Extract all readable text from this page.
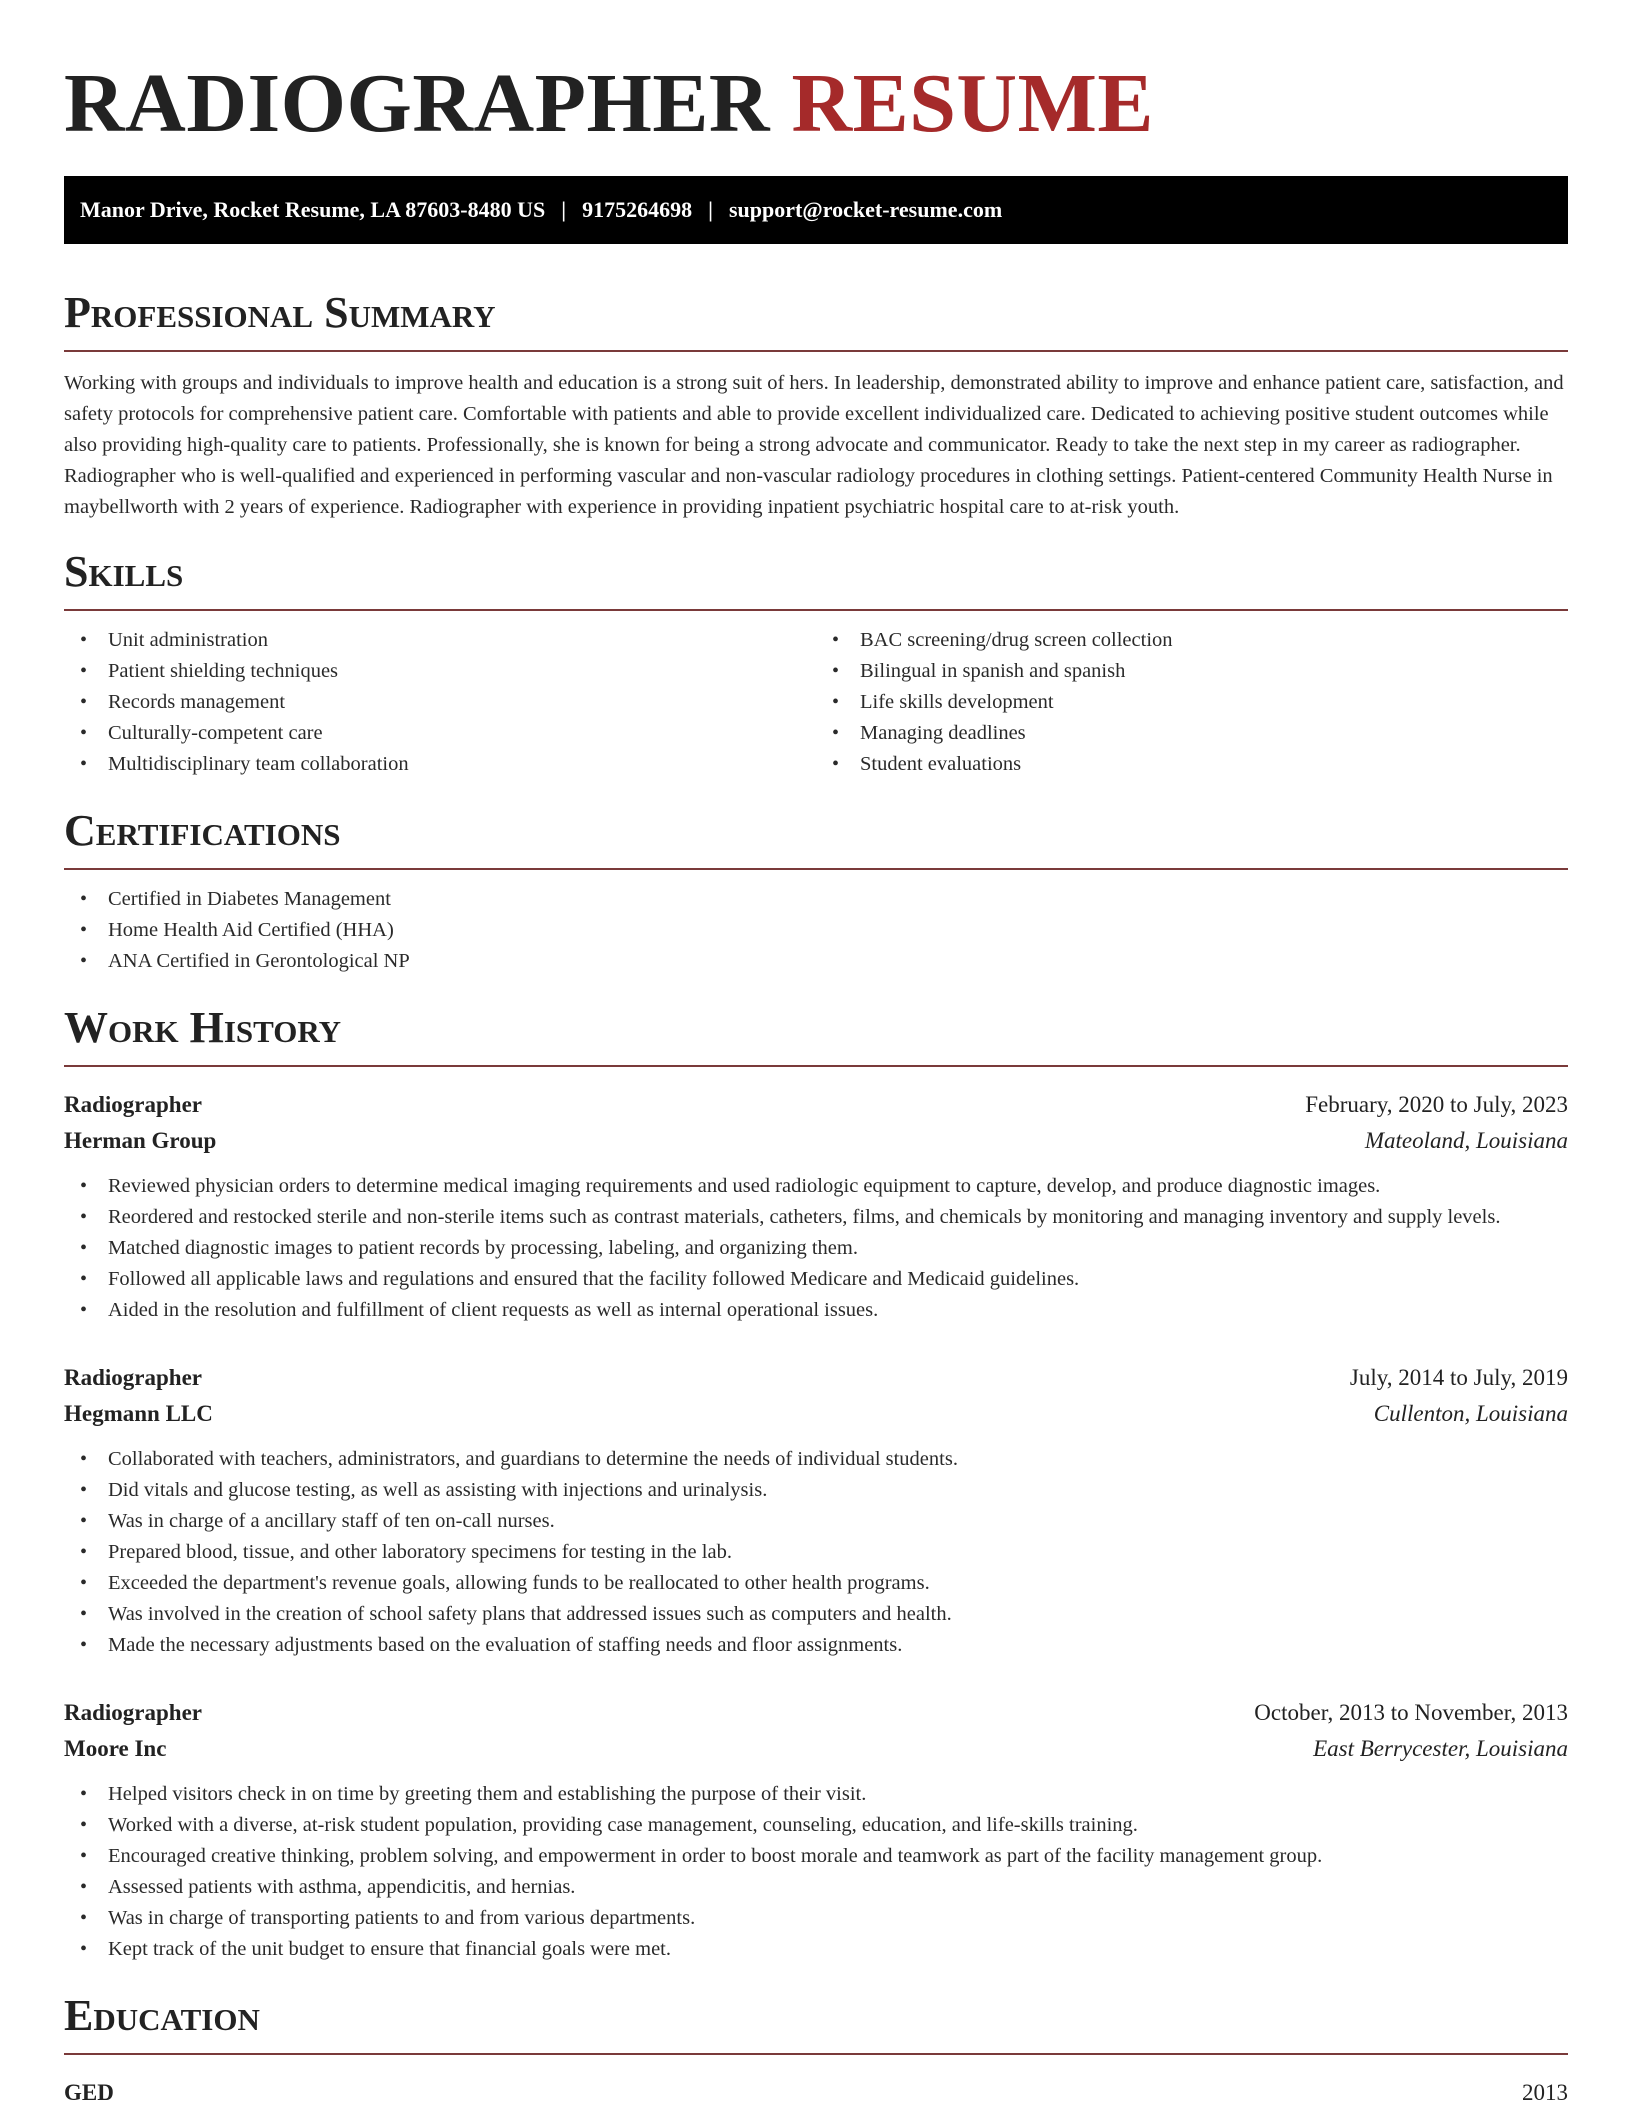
RADIOGRAPHER RESUME
Manor Drive, Rocket Resume, LA 87603-8480 US | 9175264698 | support@rocket-resume.com
Professional Summary

Working with groups and individuals to improve health and education is a strong suit of hers. In leadership, demonstrated ability to improve and enhance patient care, satisfaction, and safety protocols for comprehensive patient care. Comfortable with patients and able to provide excellent individualized care. Dedicated to achieving positive student outcomes while also providing high-quality care to patients. Professionally, she is known for being a strong advocate and communicator. Ready to take the next step in my career as radiographer. Radiographer who is well-qualified and experienced in performing vascular and non-vascular radiology procedures in clothing settings. Patient-centered Community Health Nurse in maybellworth with 2 years of experience. Radiographer with experience in providing inpatient psychiatric hospital care to at-risk youth.

Skills
• Unit administration
• Patient shielding techniques
• Records management
• Culturally-competent care
• Multidisciplinary team collaboration
• BAC screening/drug screen collection
• Bilingual in spanish and spanish
• Life skills development
• Managing deadlines
• Student evaluations
Certifications
• Certified in Diabetes Management
• Home Health Aid Certified (HHA)
• ANA Certified in Gerontological NP
Work History
Radiographer	February, 2020 to July, 2023
Herman Group	Mateoland, Louisiana
• Reviewed physician orders to determine medical imaging requirements and used radiologic equipment to capture, develop, and produce diagnostic images.
• Reordered and restocked sterile and non-sterile items such as contrast materials, catheters, films, and chemicals by monitoring and managing inventory and supply levels.
• Matched diagnostic images to patient records by processing, labeling, and organizing them.
• Followed all applicable laws and regulations and ensured that the facility followed Medicare and Medicaid guidelines.
• Aided in the resolution and fulfillment of client requests as well as internal operational issues.
Radiographer	July, 2014 to July, 2019
Hegmann LLC	Cullenton, Louisiana
• Collaborated with teachers, administrators, and guardians to determine the needs of individual students.
• Did vitals and glucose testing, as well as assisting with injections and urinalysis.
• Was in charge of a ancillary staff of ten on-call nurses.
• Prepared blood, tissue, and other laboratory specimens for testing in the lab.
• Exceeded the department's revenue goals, allowing funds to be reallocated to other health programs.
• Was involved in the creation of school safety plans that addressed issues such as computers and health.
• Made the necessary adjustments based on the evaluation of staffing needs and floor assignments.
Radiographer	October, 2013 to November, 2013
Moore Inc	East Berrycester, Louisiana
• Helped visitors check in on time by greeting them and establishing the purpose of their visit.
• Worked with a diverse, at-risk student population, providing case management, counseling, education, and life-skills training.
• Encouraged creative thinking, problem solving, and empowerment in order to boost morale and teamwork as part of the facility management group.
• Assessed patients with asthma, appendicitis, and hernias.
• Was in charge of transporting patients to and from various departments.
• Kept track of the unit budget to ensure that financial goals were met.
Education
GED	2013
